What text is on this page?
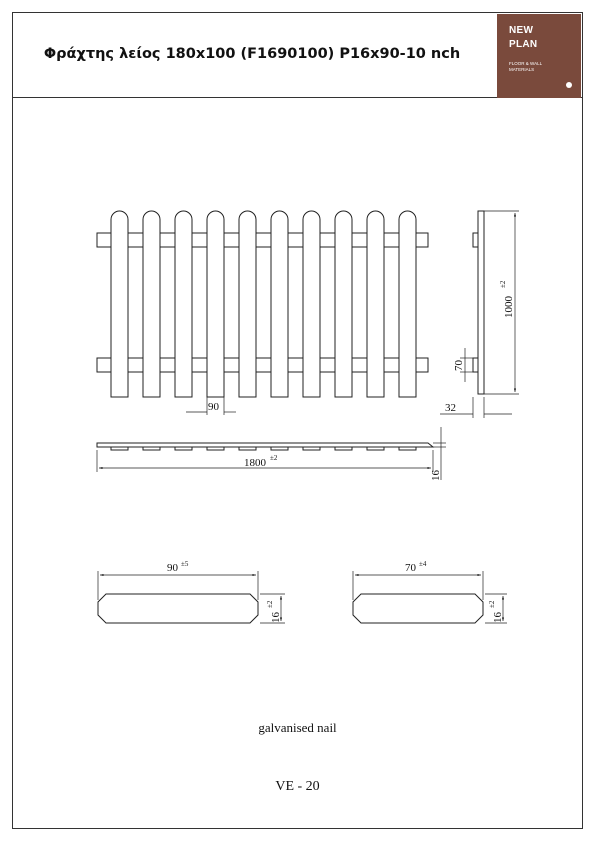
Φράχτης λείος 180x100 (F1690100) P16x90-10 nch
NEW
PLAN
FLOOR & WALL MATERIALS
90
1000
±2
70
32
1800 ±2
16
90 ±5
16
±2
70 ±4
16
±2
galvanised nail
VE - 20
